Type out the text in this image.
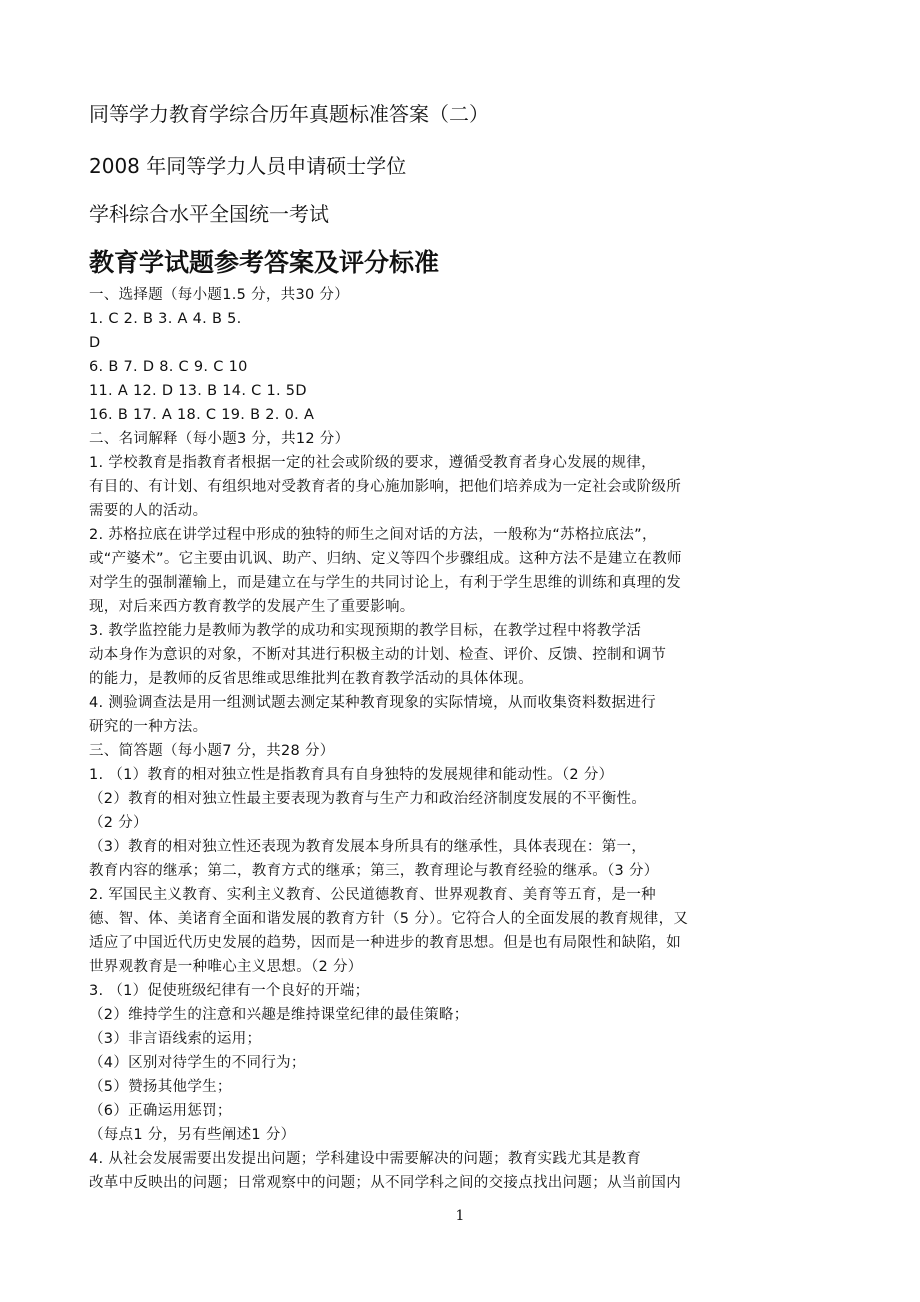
同等学力教育学综合历年真题标准答案（二）
2008 年同等学力人员申请硕士学位
学科综合水平全国统一考试
教育学试题参考答案及评分标准
一、选择题（每小题1.5 分，共30 分）
1. C 2. B 3. A 4. B 5.
D
6. B 7. D 8. C 9. C 10
11. A 12. D 13. B 14. C 1. 5D
16. B 17. A 18. C 19. B 2. 0. A
二、名词解释（每小题3 分，共12 分）
1. 学校教育是指教育者根据一定的社会或阶级的要求，遵循受教育者身心发展的规律，
有目的、有计划、有组织地对受教育者的身心施加影响，把他们培养成为一定社会或阶级所
需要的人的活动。
2. 苏格拉底在讲学过程中形成的独特的师生之间对话的方法，一般称为“苏格拉底法”，
或“产婆术”。它主要由讥讽、助产、归纳、定义等四个步骤组成。这种方法不是建立在教师
对学生的强制灌输上，而是建立在与学生的共同讨论上，有利于学生思维的训练和真理的发
现，对后来西方教育教学的发展产生了重要影响。
3. 教学监控能力是教师为教学的成功和实现预期的教学目标，在教学过程中将教学活
动本身作为意识的对象，不断对其进行积极主动的计划、检查、评价、反馈、控制和调节
的能力，是教师的反省思维或思维批判在教育教学活动的具体体现。
4. 测验调查法是用一组测试题去测定某种教育现象的实际情境，从而收集资料数据进行
研究的一种方法。
三、简答题（每小题7 分，共28 分）
1. （1）教育的相对独立性是指教育具有自身独特的发展规律和能动性。（2 分）
（2）教育的相对独立性最主要表现为教育与生产力和政治经济制度发展的不平衡性。
（2 分）
（3）教育的相对独立性还表现为教育发展本身所具有的继承性，具体表现在：第一，
教育内容的继承；第二，教育方式的继承；第三，教育理论与教育经验的继承。（3 分）
2. 军国民主义教育、实利主义教育、公民道德教育、世界观教育、美育等五育，是一种
德、智、体、美诸育全面和谐发展的教育方针（5 分）。它符合人的全面发展的教育规律，又
适应了中国近代历史发展的趋势，因而是一种进步的教育思想。但是也有局限性和缺陷，如
世界观教育是一种唯心主义思想。（2 分）
3. （1）促使班级纪律有一个良好的开端；
（2）维持学生的注意和兴趣是维持课堂纪律的最佳策略；
（3）非言语线索的运用；
（4）区别对待学生的不同行为；
（5）赞扬其他学生；
（6）正确运用惩罚；
（每点1 分，另有些阐述1 分）
4. 从社会发展需要出发提出问题；学科建设中需要解决的问题；教育实践尤其是教育
改革中反映出的问题；日常观察中的问题；从不同学科之间的交接点找出问题；从当前国内
1
